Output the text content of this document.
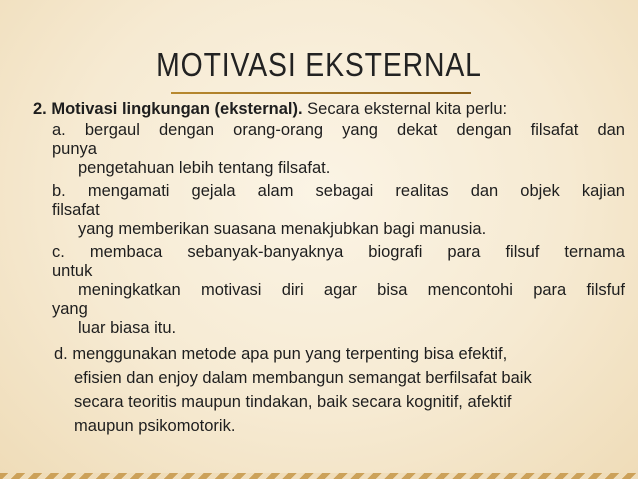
MOTIVASI EKSTERNAL
2. Motivasi lingkungan (eksternal). Secara eksternal kita perlu:
a. bergaul dengan orang-orang yang dekat dengan filsafat dan
punya
pengetahuan lebih tentang filsafat.
b. mengamati gejala alam sebagai realitas dan objek kajian
filsafat
yang memberikan suasana menakjubkan bagi manusia.
c. membaca sebanyak-banyaknya biografi para filsuf ternama
untuk
meningkatkan motivasi diri agar bisa mencontohi para filsfuf
yang
luar biasa itu.
d. menggunakan metode apa pun yang terpenting bisa efektif,
efisien dan enjoy dalam membangun semangat berfilsafat baik
secara teoritis maupun tindakan, baik secara kognitif, afektif
maupun psikomotorik.
